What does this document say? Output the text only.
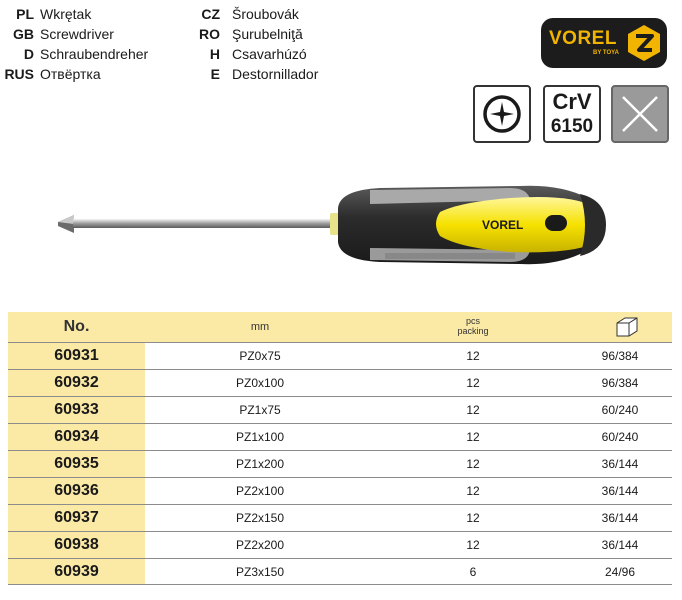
PL Wkrętak
GB Screwdriver
D Schraubendreher
RUS Отвёртка
CZ Šroubovák
RO Şurubelniţă
H Csavarhúzó
E Destornillador
VOREL
BY TOYA
CrV
6150
VOREL
No.	mm	pcs
packing
60931	PZ0x75	12	96/384
60932	PZ0x100	12	96/384
60933	PZ1x75	12	60/240
60934	PZ1x100	12	60/240
60935	PZ1x200	12	36/144
60936	PZ2x100	12	36/144
60937	PZ2x150	12	36/144
60938	PZ2x200	12	36/144
60939	PZ3x150	6	24/96
